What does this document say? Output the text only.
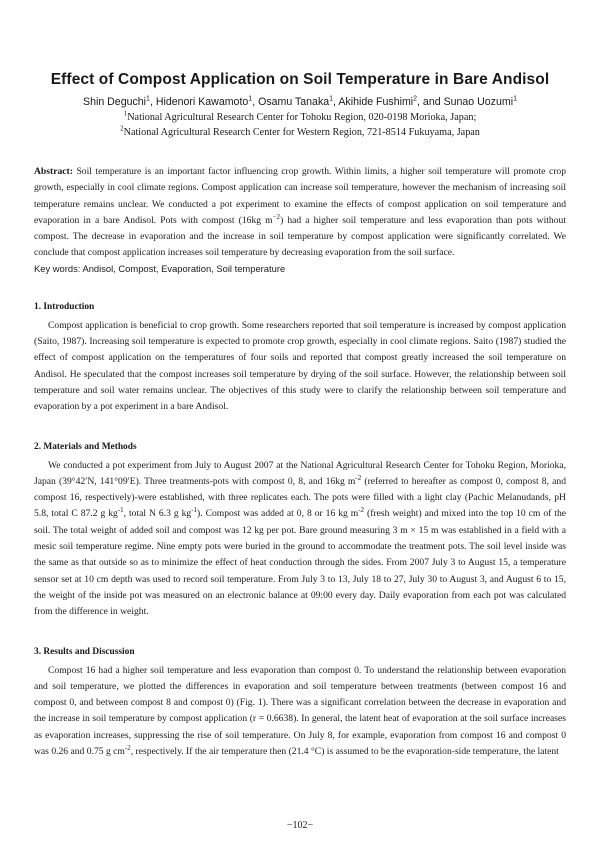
Effect of Compost Application on Soil Temperature in Bare Andisol
Shin Deguchi$^1$, Hidenori Kawamoto$^1$, Osamu Tanaka$^1$, Akihide Fushimi$^2$, and Sunao Uozumi$^1$
$^1$National Agricultural Research Center for Tohoku Region, 020-0198 Morioka, Japan;
$^2$National Agricultural Research Center for Western Region, 721-8514 Fukuyama, Japan
Abstract: Soil temperature is an important factor influencing crop growth. Within limits, a higher soil temperature will promote crop growth, especially in cool climate regions. Compost application can increase soil temperature, however the mechanism of increasing soil temperature remains unclear. We conducted a pot experiment to examine the effects of compost application on soil temperature and evaporation in a bare Andisol. Pots with compost (16kg $m^{-2}$) had a higher soil temperature and less evaporation than pots without compost. The decrease in evaporation and the increase in soil temperature by compost application were significantly correlated. We conclude that compost application increases soil temperature by decreasing evaporation from the soil surface.
Key words: Andisol, Compost, Evaporation, Soil temperature
1. Introduction

Compost application is beneficial to crop growth. Some researchers reported that soil temperature is increased by compost application (Saito, 1987). Increasing soil temperature is expected to promote crop growth, especially in cool climate regions. Saito (1987) studied the effect of compost application on the temperatures of four soils and reported that compost greatly increased the soil temperature on Andisol. He speculated that the compost increases soil temperature by drying of the soil surface. However, the relationship between soil temperature and soil water remains unclear. The objectives of this study were to clarify the relationship between soil temperature and evaporation by a pot experiment in a bare Andisol.

2. Materials and Methods

We conducted a pot experiment from July to August 2007 at the National Agricultural Research Center for Tohoku Region, Morioka, Japan (39°42′N, 141°09′E). Three treatments-pots with compost 0, 8, and 16kg $m^{-2}$ (referred to hereafter as compost 0, compost 8, and compost 16, respectively)-were established, with three replicates each. The pots were filled with a light clay (Pachic Melanudands, pH 5.8, total C 87.2 g $kg^{-1}$, total N 6.3 g $kg^{-1}$). Compost was added at 0, 8 or 16 kg $m^{-2}$ (fresh weight) and mixed into the top 10 cm of the soil. The total weight of added soil and compost was 12 kg per pot. Bare ground measuring 3 m × 15 m was established in a field with a mesic soil temperature regime. Nine empty pots were buried in the ground to accommodate the treatment pots. The soil level inside was the same as that outside so as to minimize the effect of heat conduction through the sides. From 2007 July 3 to August 15, a temperature sensor set at 10 cm depth was used to record soil temperature. From July 3 to 13, July 18 to 27, July 30 to August 3, and August 6 to 15, the weight of the inside pot was measured on an electronic balance at 09:00 every day. Daily evaporation from each pot was calculated from the difference in weight.

3. Results and Discussion

Compost 16 had a higher soil temperature and less evaporation than compost 0. To understand the relationship between evaporation and soil temperature, we plotted the differences in evaporation and soil temperature between treatments (between compost 16 and compost 0, and between compost 8 and compost 0) (Fig. 1). There was a significant correlation between the decrease in evaporation and the increase in soil temperature by compost application (r = 0.6638). In general, the latent heat of evaporation at the soil surface increases as evaporation increases, suppressing the rise of soil temperature. On July 8, for example, evaporation from compost 16 and compost 0 was 0.26 and 0.75 g $cm^{-2}$, respectively. If the air temperature then (21.4 °C) is assumed to be the evaporation-side temperature, the latent

−102−
